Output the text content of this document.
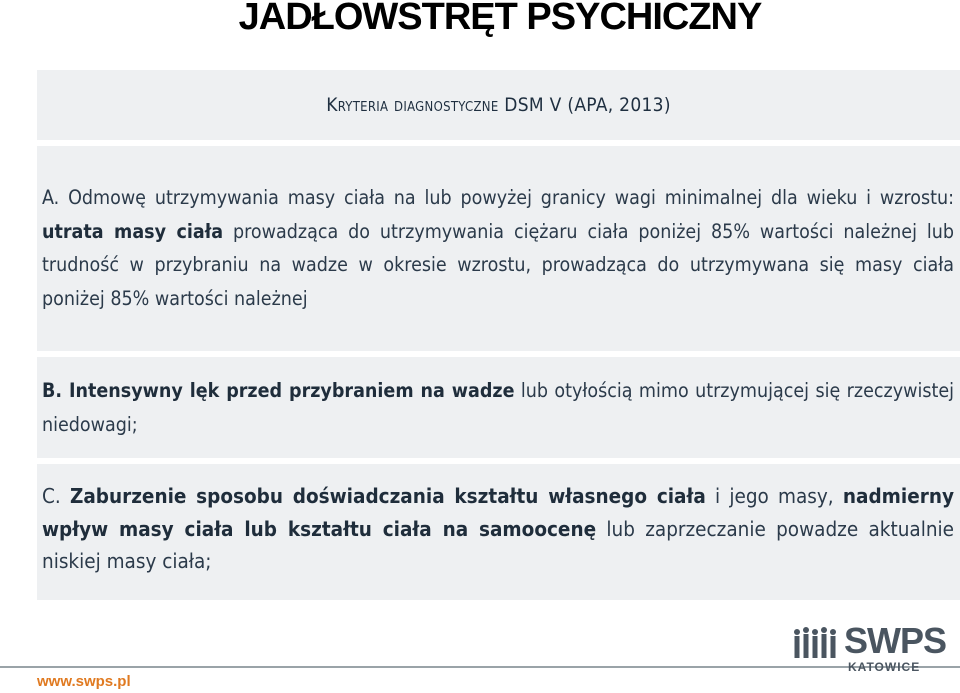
JADŁOWSTRĘT PSYCHICZNY
Kryteria diagnostyczne DSM V (APA, 2013)

A. Odmowę utrzymywania masy ciała na lub powyżej granicy wagi minimalnej dla wieku i wzrostu: utrata masy ciała prowadząca do utrzymywania ciężaru ciała poniżej 85% wartości należnej lub trudność w przybraniu na wadze w okresie wzrostu, prowadząca do utrzymywana się masy ciała poniżej 85% wartości należnej

B. Intensywny lęk przed przybraniem na wadze lub otyłością mimo utrzymującej się rzeczywistej niedowagi;

C. Zaburzenie sposobu doświadczania kształtu własnego ciała i jego masy, nadmierny wpływ masy ciała lub kształtu ciała na samoocenę lub zaprzeczanie powadze aktualnie niskiej masy ciała;

www.swps.pl
SWPS
KATOWICE
